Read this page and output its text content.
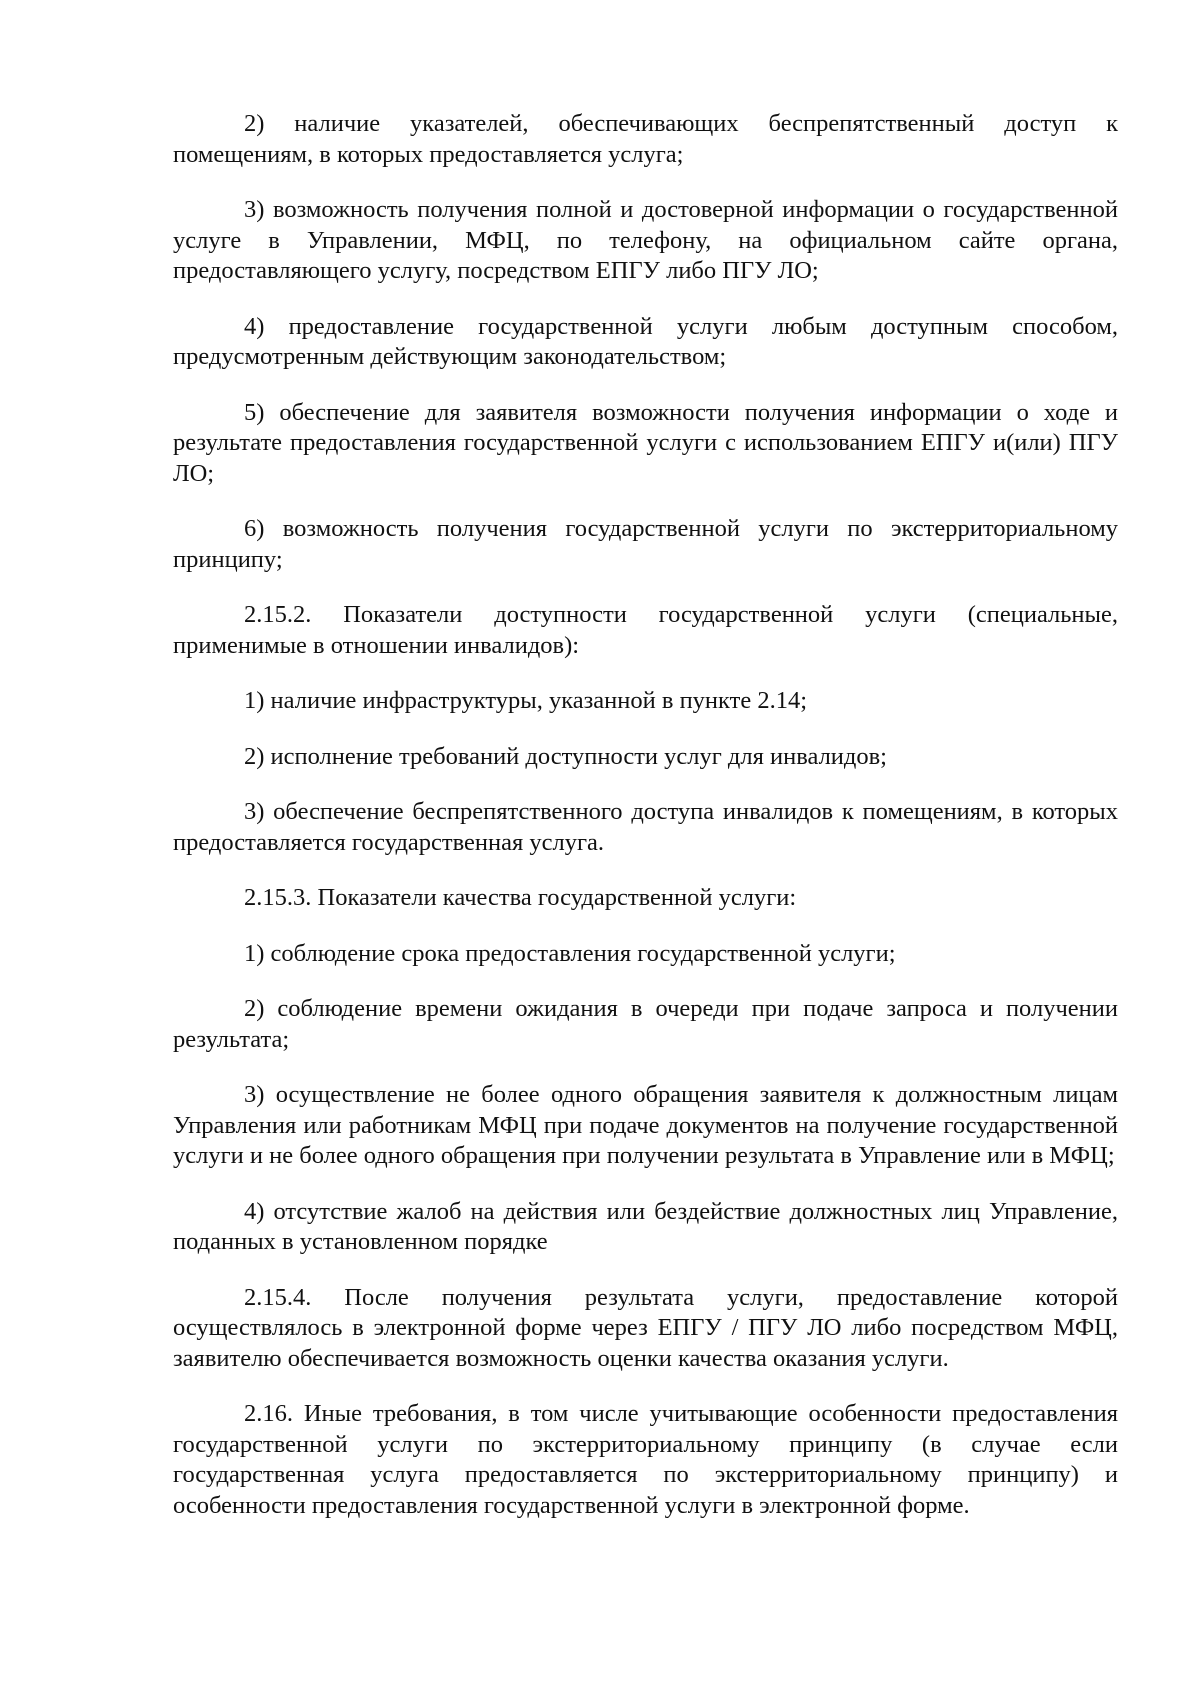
2) наличие указателей, обеспечивающих беспрепятственный доступ к помещениям, в которых предоставляется услуга;

3) возможность получения полной и достоверной информации о государственной услуге в Управлении, МФЦ, по телефону, на официальном сайте органа, предоставляющего услугу, посредством ЕПГУ либо ПГУ ЛО;

4) предоставление государственной услуги любым доступным способом, предусмотренным действующим законодательством;

5) обеспечение для заявителя возможности получения информации о ходе и результате предоставления государственной услуги с использованием ЕПГУ и(или) ПГУ ЛО;

6) возможность получения государственной услуги по экстерриториальному принципу;

2.15.2. Показатели доступности государственной услуги (специальные, применимые в отношении инвалидов):

1) наличие инфраструктуры, указанной в пункте 2.14;

2) исполнение требований доступности услуг для инвалидов;

3) обеспечение беспрепятственного доступа инвалидов к помещениям, в которых предоставляется государственная услуга.

2.15.3. Показатели качества государственной услуги:

1) соблюдение срока предоставления государственной услуги;

2) соблюдение времени ожидания в очереди при подаче запроса и получении результата;

3) осуществление не более одного обращения заявителя к должностным лицам Управления или работникам МФЦ при подаче документов на получение государственной услуги и не более одного обращения при получении результата в Управление или в МФЦ;

4) отсутствие жалоб на действия или бездействие должностных лиц Управление, поданных в установленном порядке

2.15.4. После получения результата услуги, предоставление которой осуществлялось в электронной форме через ЕПГУ / ПГУ ЛО либо посредством МФЦ, заявителю обеспечивается возможность оценки качества оказания услуги.

2.16. Иные требования, в том числе учитывающие особенности предоставления государственной услуги по экстерриториальному принципу (в случае если государственная услуга предоставляется по экстерриториальному принципу) и особенности предоставления государственной услуги в электронной форме.
